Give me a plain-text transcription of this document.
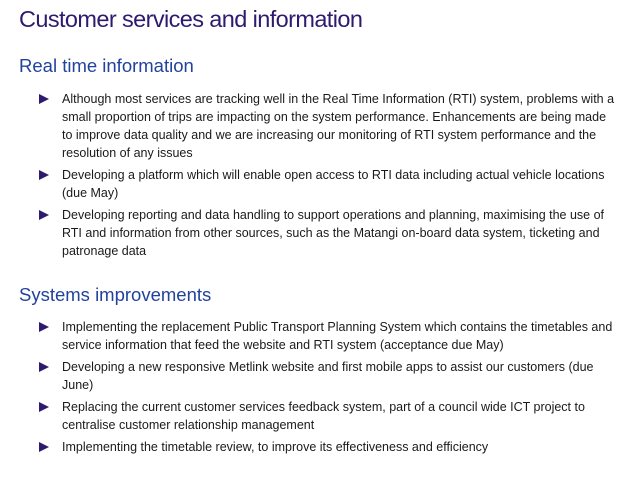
Customer services and information
Real time information
Although most services are tracking well in the Real Time Information (RTI) system, problems with a small proportion of trips are impacting on the system performance. Enhancements are being made to improve data quality and we are increasing our monitoring of RTI system performance and the resolution of any issues
Developing a platform which will enable open access to RTI data including actual vehicle locations (due May)
Developing reporting and data handling to support operations and planning, maximising the use of RTI and information from other sources, such as the Matangi on-board data system, ticketing and patronage data
Systems improvements
Implementing the replacement Public Transport Planning System which contains the timetables and service information that feed the website and RTI system (acceptance due May)
Developing a new responsive Metlink website and first mobile apps to assist our customers (due June)
Replacing the current customer services feedback system, part of a council wide ICT project to centralise customer relationship management
Implementing the timetable review, to improve its effectiveness and efficiency
